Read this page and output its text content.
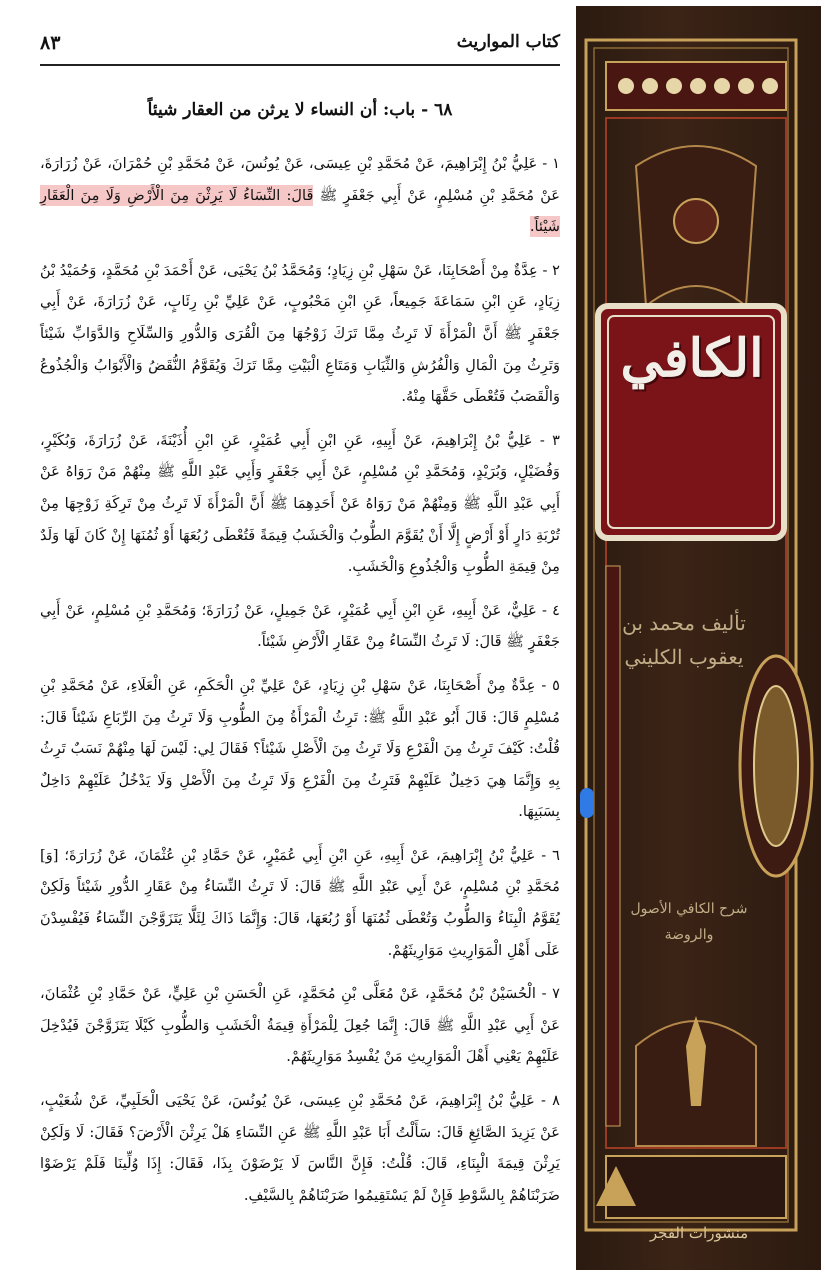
٨٣	كتاب المواريث
٦٨ - باب: أن النساء لا يرثن من العقار شيئاً

١ - عَلِيُّ بْنُ إِبْرَاهِيمَ، عَنْ مُحَمَّدِ بْنِ عِيسَى، عَنْ يُونُسَ، عَنْ مُحَمَّدِ بْنِ حُمْرَانَ، عَنْ زُرَارَةَ، عَنْ مُحَمَّدِ بْنِ مُسْلِمٍ، عَنْ أَبِي جَعْفَرٍ ﷺ قَالَ: النِّسَاءُ لَا يَرِثْنَ مِنَ الْأَرْضِ وَلَا مِنَ الْعَقَارِ شَيْئاً.

٢ - عِدَّةٌ مِنْ أَصْحَابِنَا، عَنْ سَهْلِ بْنِ زِيَادٍ؛ وَمُحَمَّدُ بْنُ يَحْيَى، عَنْ أَحْمَدَ بْنِ مُحَمَّدٍ، وَحُمَيْدُ بْنُ زِيَادٍ، عَنِ ابْنِ سَمَاعَةَ جَمِيعاً، عَنِ ابْنِ مَحْبُوبٍ، عَنْ عَلِيِّ بْنِ رِئَابٍ، عَنْ زُرَارَةَ، عَنْ أَبِي جَعْفَرٍ ﷺ أَنَّ الْمَرْأَةَ لَا تَرِثُ مِمَّا تَرَكَ زَوْجُهَا مِنَ الْقُرَى وَالدُّورِ وَالسِّلَاحِ وَالدَّوَابِّ شَيْئاً وَتَرِثُ مِنَ الْمَالِ وَالْفُرُشِ وَالثِّيَابِ وَمَتَاعِ الْبَيْتِ مِمَّا تَرَكَ وَيُقَوَّمُ النُّقَضُ وَالْأَبْوَابُ وَالْجُذُوعُ وَالْقَصَبُ فَتُعْطَى حَقَّهَا مِنْهُ.

٣ - عَلِيُّ بْنُ إِبْرَاهِيمَ، عَنْ أَبِيهِ، عَنِ ابْنِ أَبِي عُمَيْرٍ، عَنِ ابْنِ أُذَيْنَةَ، عَنْ زُرَارَةَ، وَبُكَيْرٍ، وَفُضَيْلٍ، وَبُرَيْدٍ، وَمُحَمَّدِ بْنِ مُسْلِمٍ، عَنْ أَبِي جَعْفَرٍ وَأَبِي عَبْدِ اللَّهِ ﷺ مِنْهُمْ مَنْ رَوَاهُ عَنْ أَبِي عَبْدِ اللَّهِ ﷺ وَمِنْهُمْ مَنْ رَوَاهُ عَنْ أَحَدِهِمَا ﷺ أَنَّ الْمَرْأَةَ لَا تَرِثُ مِنْ تَرِكَةِ زَوْجِهَا مِنْ تُرْبَةِ دَارٍ أَوْ أَرْضٍ إِلَّا أَنْ يُقَوَّمَ الطُّوبُ وَالْخَشَبُ قِيمَةً فَتُعْطَى رُبُعَهَا أَوْ ثُمُنَهَا إِنْ كَانَ لَهَا وَلَدٌ مِنْ قِيمَةِ الطُّوبِ وَالْجُذُوعِ وَالْخَشَبِ.

٤ - عَلِيٌّ، عَنْ أَبِيهِ، عَنِ ابْنِ أَبِي عُمَيْرٍ، عَنْ جَمِيلٍ، عَنْ زُرَارَةَ؛ وَمُحَمَّدِ بْنِ مُسْلِمٍ، عَنْ أَبِي جَعْفَرٍ ﷺ قَالَ: لَا تَرِثُ النِّسَاءُ مِنْ عَقَارِ الْأَرْضِ شَيْئاً.

٥ - عِدَّةٌ مِنْ أَصْحَابِنَا، عَنْ سَهْلِ بْنِ زِيَادٍ، عَنْ عَلِيِّ بْنِ الْحَكَمِ، عَنِ الْعَلَاءِ، عَنْ مُحَمَّدِ بْنِ مُسْلِمٍ قَالَ: قَالَ أَبُو عَبْدِ اللَّهِ ﷺ: تَرِثُ الْمَرْأَةُ مِنَ الطُّوبِ وَلَا تَرِثُ مِنَ الرِّبَاعِ شَيْئاً قَالَ: قُلْتُ: كَيْفَ تَرِثُ مِنَ الْفَرْعِ وَلَا تَرِثُ مِنَ الْأَصْلِ شَيْئاً؟ فَقَالَ لِي: لَيْسَ لَهَا مِنْهُمْ نَسَبٌ تَرِثُ بِهِ وَإِنَّمَا هِيَ دَخِيلٌ عَلَيْهِمْ فَتَرِثُ مِنَ الْفَرْعِ وَلَا تَرِثُ مِنَ الْأَصْلِ وَلَا يَدْخُلُ عَلَيْهِمْ دَاخِلٌ بِسَبَبِهَا.

٦ - عَلِيُّ بْنُ إِبْرَاهِيمَ، عَنْ أَبِيهِ، عَنِ ابْنِ أَبِي عُمَيْرٍ، عَنْ حَمَّادِ بْنِ عُثْمَانَ، عَنْ زُرَارَةَ؛ [وَ] مُحَمَّدِ بْنِ مُسْلِمٍ، عَنْ أَبِي عَبْدِ اللَّهِ ﷺ قَالَ: لَا تَرِثُ النِّسَاءُ مِنْ عَقَارِ الدُّورِ شَيْئاً وَلَكِنْ يُقَوَّمُ الْبِنَاءُ وَالطُّوبُ وَتُعْطَى ثُمُنَهَا أَوْ رُبُعَهَا، قَالَ: وَإِنَّمَا ذَاكَ لِئَلَّا يَتَزَوَّجْنَ النِّسَاءُ فَيُفْسِدْنَ عَلَى أَهْلِ الْمَوَارِيثِ مَوَارِيثَهُمْ.

٧ - الْحُسَيْنُ بْنُ مُحَمَّدٍ، عَنْ مُعَلَّى بْنِ مُحَمَّدٍ، عَنِ الْحَسَنِ بْنِ عَلِيٍّ، عَنْ حَمَّادِ بْنِ عُثْمَانَ، عَنْ أَبِي عَبْدِ اللَّهِ ﷺ قَالَ: إِنَّمَا جُعِلَ لِلْمَرْأَةِ قِيمَةُ الْخَشَبِ وَالطُّوبِ كَيْلَا يَتَزَوَّجْنَ فَيُدْخِلَ عَلَيْهِمْ يَعْنِي أَهْلَ الْمَوَارِيثِ مَنْ يُفْسِدُ مَوَارِيثَهُمْ.

٨ - عَلِيُّ بْنُ إِبْرَاهِيمَ، عَنْ مُحَمَّدِ بْنِ عِيسَى، عَنْ يُونُسَ، عَنْ يَحْيَى الْحَلَبِيِّ، عَنْ شُعَيْبٍ، عَنْ يَزِيدَ الصَّائِغِ قَالَ: سَأَلْتُ أَبَا عَبْدِ اللَّهِ ﷺ عَنِ النِّسَاءِ هَلْ يَرِثْنَ الْأَرْضَ؟ فَقَالَ: لَا وَلَكِنْ يَرِثْنَ قِيمَةَ الْبِنَاءِ، قَالَ: قُلْتُ: فَإِنَّ النَّاسَ لَا يَرْضَوْنَ بِذَا، فَقَالَ: إِذَا وُلِّينَا فَلَمْ يَرْضَوْا ضَرَبْنَاهُمْ بِالسَّوْطِ فَإِنْ لَمْ يَسْتَقِيمُوا ضَرَبْنَاهُمْ بِالسَّيْفِ.

الكافي
تأليف محمد بن يعقوب الكليني
شرح الكافي الأصول والروضة
منشورات الفجر
